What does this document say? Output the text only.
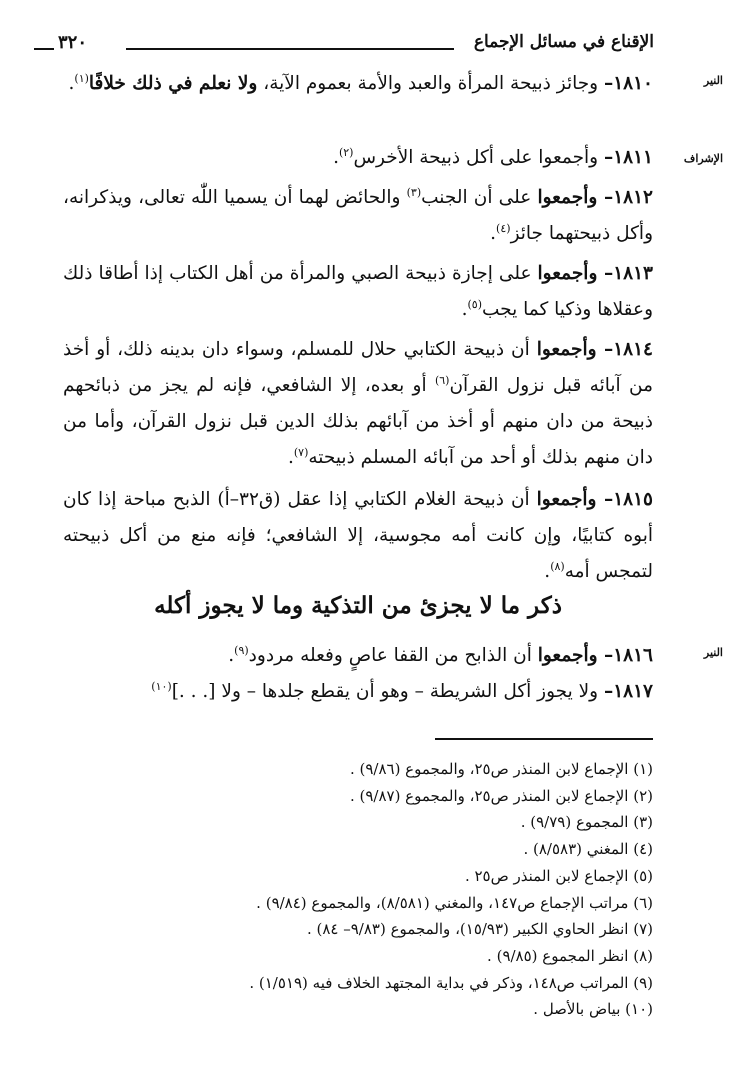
الإقناع في مسائل الإجماع
٣٢٠
النير
الإشراف
النير
١٨١٠– وجائز ذبيحة المرأة والعبد والأمة بعموم الآية، ولا نعلم في ذلك خلافًا$^{(١)}$.
١٨١١– وأجمعوا على أكل ذبيحة الأخرس$^{(٢)}$.
١٨١٢– وأجمعوا على أن الجنب$^{(٣)}$ والحائض لهما أن يسميا اللّٰه تعالى، ويذكرانه، وأكل ذبيحتهما جائز$^{(٤)}$.
١٨١٣– وأجمعوا على إجازة ذبيحة الصبي والمرأة من أهل الكتاب إذا أطاقا ذلك وعقلاها وذكيا كما يجب$^{(٥)}$.
١٨١٤– وأجمعوا أن ذبيحة الكتابي حلال للمسلم، وسواء دان بدينه ذلك، أو أخذ من آبائه قبل نزول القرآن$^{(٦)}$ أو بعده، إلا الشافعي، فإنه لم يجز من ذبائحهم ذبيحة من دان منهم أو أخذ من آبائهم بذلك الدين قبل نزول القرآن، وأما من دان منهم بذلك أو أحد من آبائه المسلم ذبيحته$^{(٧)}$.
١٨١٥– وأجمعوا أن ذبيحة الغلام الكتابي إذا عقل (ق٣٢–أ) الذبح مباحة إذا كان أبوه كتابيًا، وإن كانت أمه مجوسية، إلا الشافعي؛ فإنه منع من أكل ذبيحته لتمجس أمه$^{(٨)}$.
ذكر ما لا يجزئ من التذكية وما لا يجوز أكله
١٨١٦– وأجمعوا أن الذابح من القفا عاصٍ وفعله مردود$^{(٩)}$.
١٨١٧– ولا يجوز أكل الشريطة – وهو أن يقطع جلدها – ولا [. . .]$^{(١٠)}$
(١) الإجماع لابن المنذر ص٢٥، والمجموع (٩/٨٦) .
(٢) الإجماع لابن المنذر ص٢٥، والمجموع (٩/٨٧) .
(٣) المجموع (٩/٧٩) .
(٤) المغني (٨/٥٨٣) .
(٥) الإجماع لابن المنذر ص٢٥ .
(٦) مراتب الإجماع ص١٤٧، والمغني (٨/٥٨١)، والمجموع (٩/٨٤) .
(٧) انظر الحاوي الكبير (١٥/٩٣)، والمجموع (٩/٨٣– ٨٤) .
(٨) انظر المجموع (٩/٨٥) .
(٩) المراتب ص١٤٨، وذكر في بداية المجتهد الخلاف فيه (١/٥١٩) .
(١٠) بياض بالأصل .
